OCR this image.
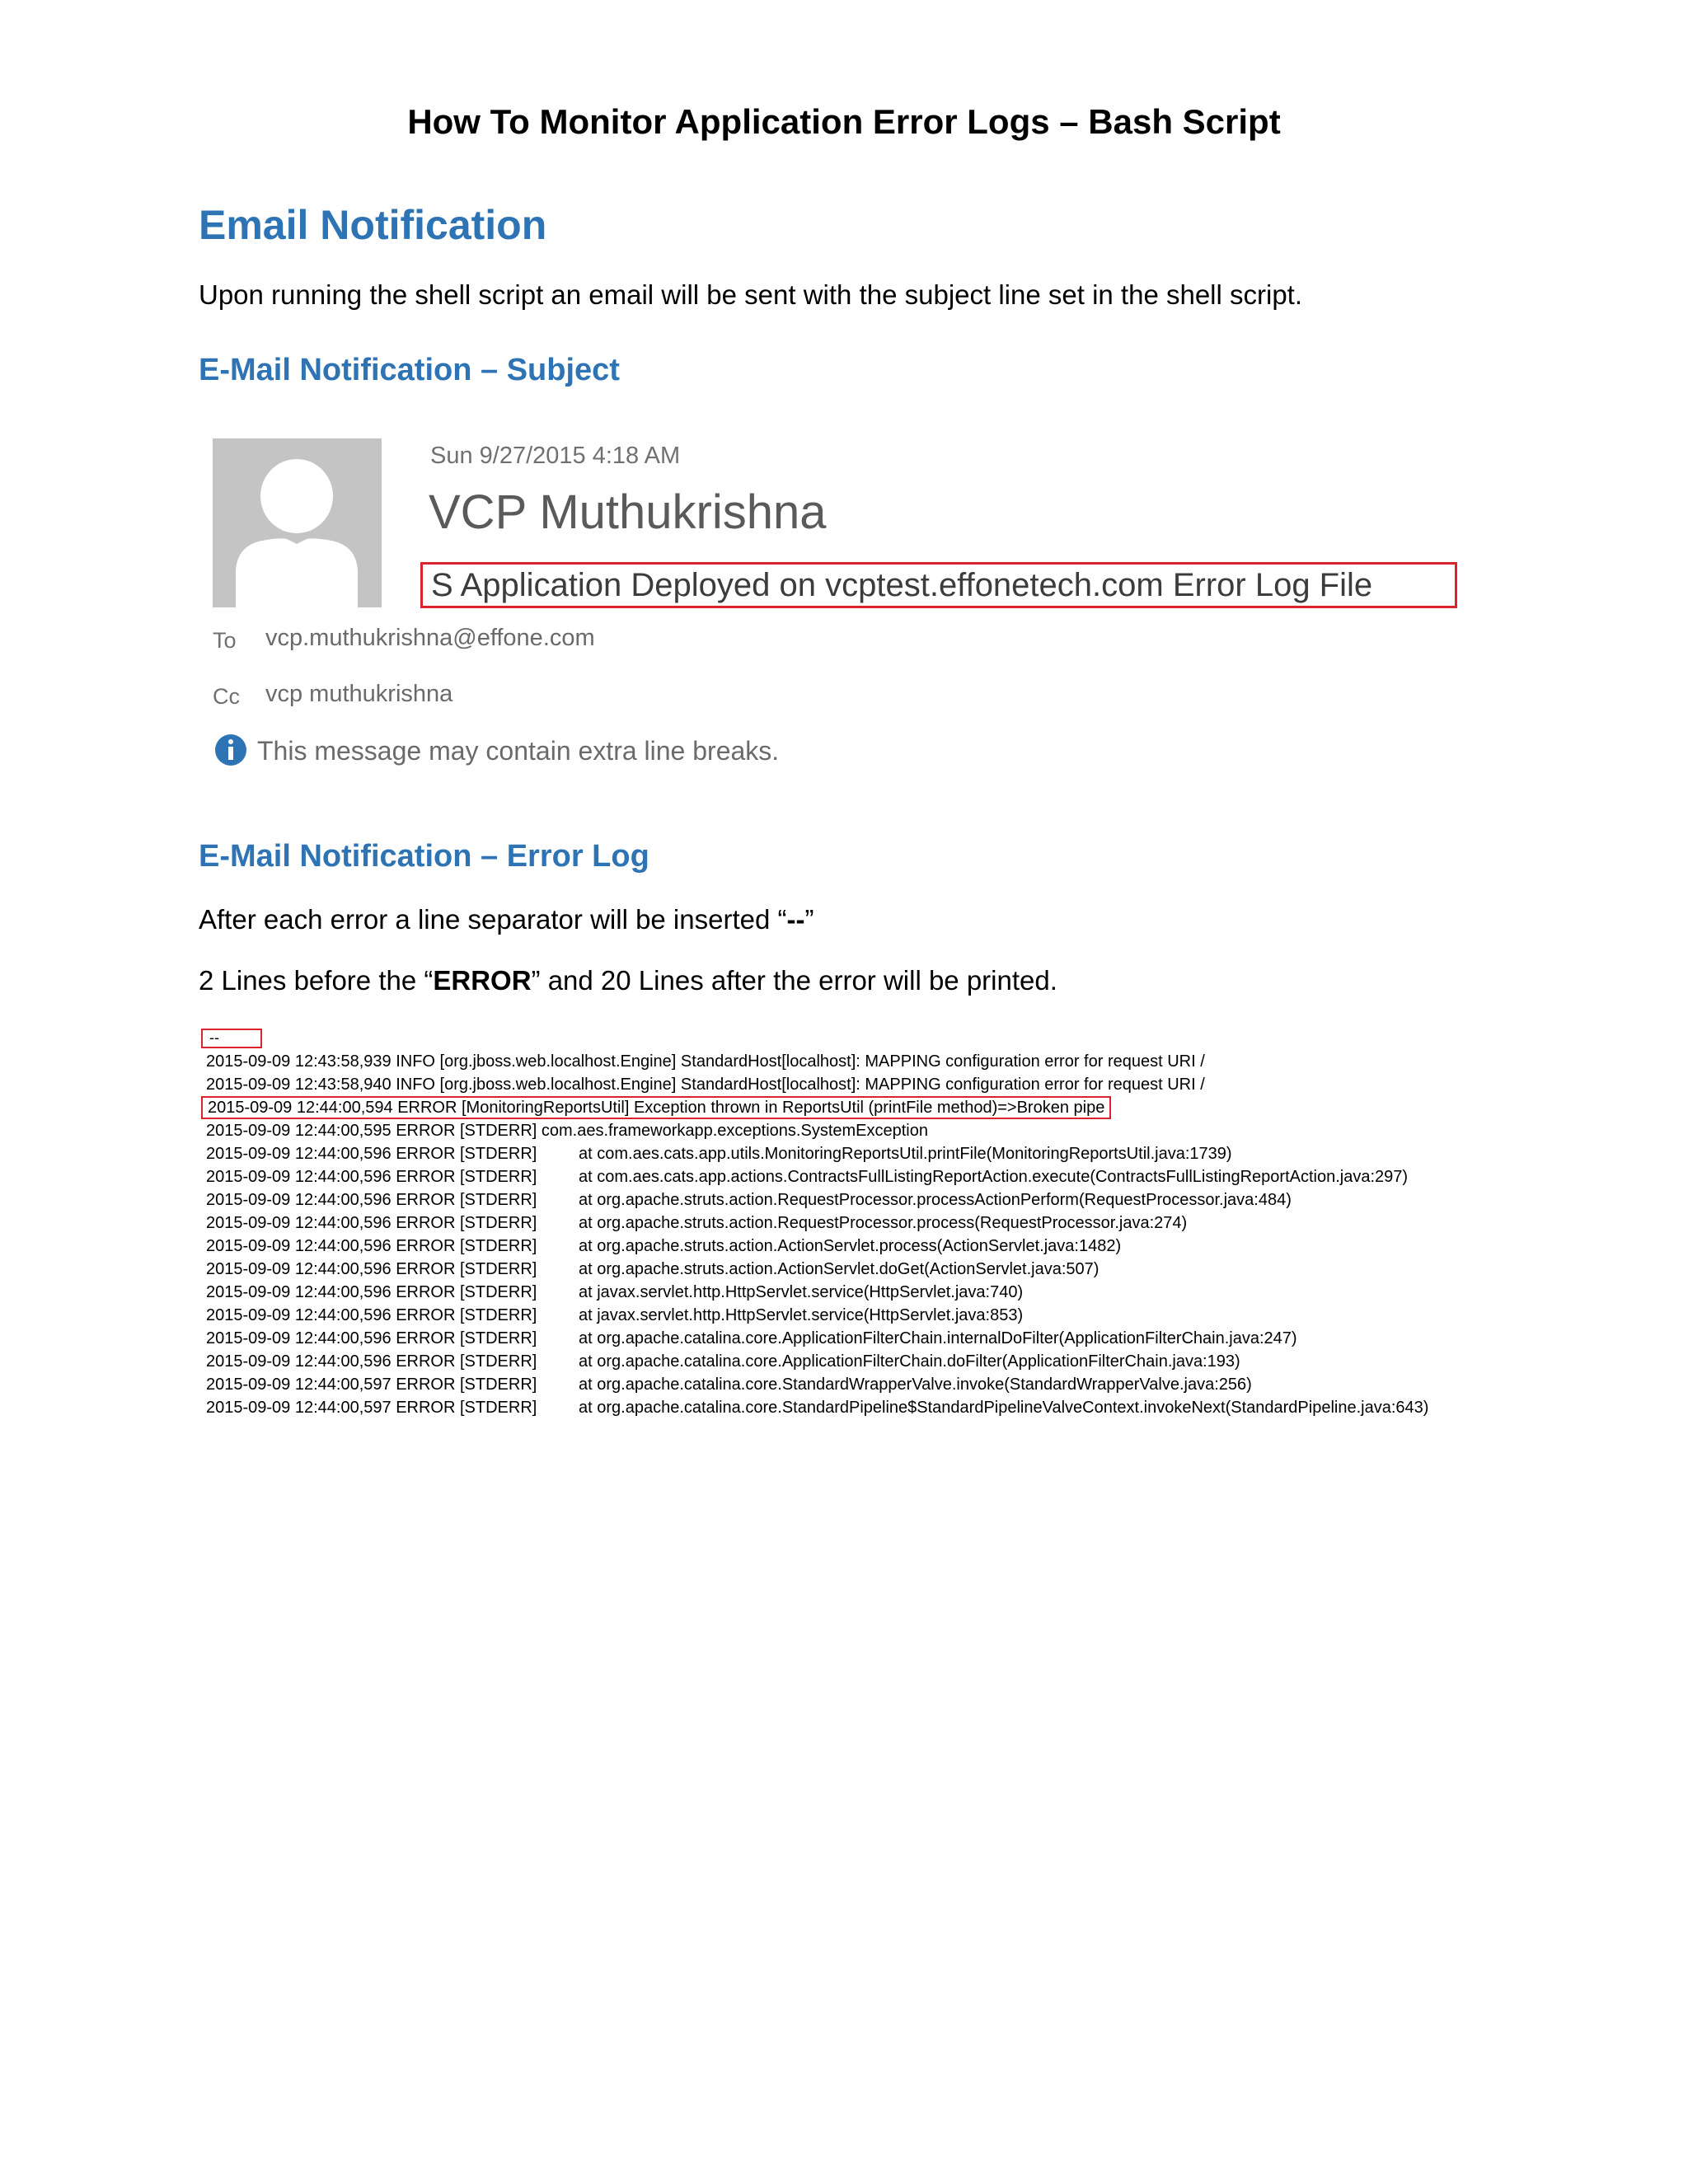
How To Monitor Application Error Logs – Bash Script
Email Notification

Upon running the shell script an email will be sent with the subject line set in the shell script.

E-Mail Notification – Subject
Sun 9/27/2015 4:18 AM
VCP Muthukrishna
S Application Deployed on vcptest.effonetech.com Error Log File
To vcp.muthukrishna@effone.com
Cc vcp muthukrishna
This message may contain extra line breaks.
E-Mail Notification – Error Log

After each error a line separator will be inserted “--”

2 Lines before the “ERROR” and 20 Lines after the error will be printed.

--
2015-09-09 12:43:58,939 INFO [org.jboss.web.localhost.Engine] StandardHost[localhost]: MAPPING configuration error for request URI /
2015-09-09 12:43:58,940 INFO [org.jboss.web.localhost.Engine] StandardHost[localhost]: MAPPING configuration error for request URI /
2015-09-09 12:44:00,594 ERROR [MonitoringReportsUtil] Exception thrown in ReportsUtil (printFile method)=>Broken pipe
2015-09-09 12:44:00,595 ERROR [STDERR] com.aes.frameworkapp.exceptions.SystemException
2015-09-09 12:44:00,596 ERROR [STDERR]	at com.aes.cats.app.utils.MonitoringReportsUtil.printFile(MonitoringReportsUtil.java:1739)
2015-09-09 12:44:00,596 ERROR [STDERR]	at com.aes.cats.app.actions.ContractsFullListingReportAction.execute(ContractsFullListingReportAction.java:297)
2015-09-09 12:44:00,596 ERROR [STDERR]	at org.apache.struts.action.RequestProcessor.processActionPerform(RequestProcessor.java:484)
2015-09-09 12:44:00,596 ERROR [STDERR]	at org.apache.struts.action.RequestProcessor.process(RequestProcessor.java:274)
2015-09-09 12:44:00,596 ERROR [STDERR]	at org.apache.struts.action.ActionServlet.process(ActionServlet.java:1482)
2015-09-09 12:44:00,596 ERROR [STDERR]	at org.apache.struts.action.ActionServlet.doGet(ActionServlet.java:507)
2015-09-09 12:44:00,596 ERROR [STDERR]	at javax.servlet.http.HttpServlet.service(HttpServlet.java:740)
2015-09-09 12:44:00,596 ERROR [STDERR]	at javax.servlet.http.HttpServlet.service(HttpServlet.java:853)
2015-09-09 12:44:00,596 ERROR [STDERR]	at org.apache.catalina.core.ApplicationFilterChain.internalDoFilter(ApplicationFilterChain.java:247)
2015-09-09 12:44:00,596 ERROR [STDERR]	at org.apache.catalina.core.ApplicationFilterChain.doFilter(ApplicationFilterChain.java:193)
2015-09-09 12:44:00,597 ERROR [STDERR]	at org.apache.catalina.core.StandardWrapperValve.invoke(StandardWrapperValve.java:256)
2015-09-09 12:44:00,597 ERROR [STDERR]	at org.apache.catalina.core.StandardPipeline$StandardPipelineValveContext.invokeNext(StandardPipeline.java:643)
